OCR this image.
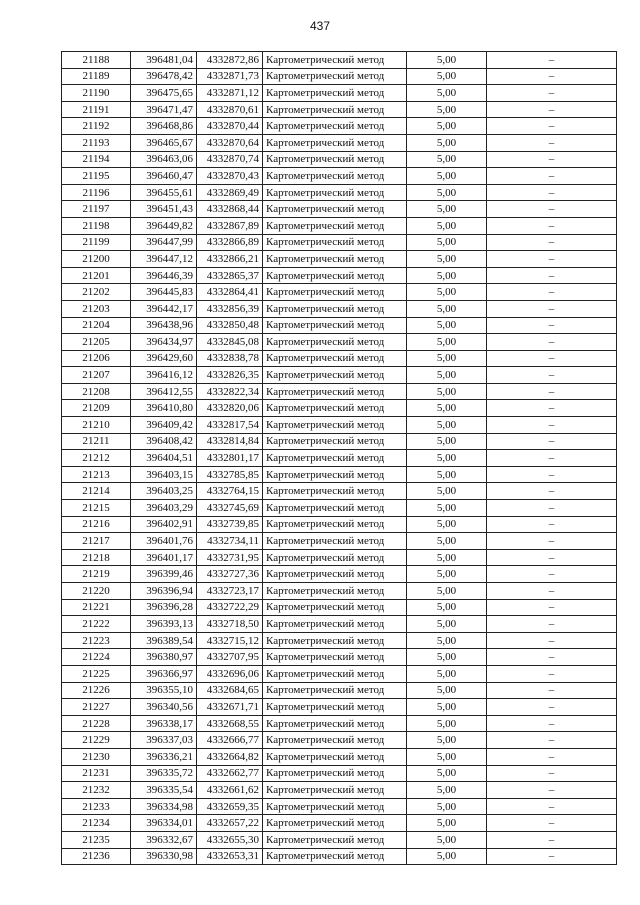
437
21188	396481,04	4332872,86	Картометрический метод	5,00	–
21189	396478,42	4332871,73	Картометрический метод	5,00	–
21190	396475,65	4332871,12	Картометрический метод	5,00	–
21191	396471,47	4332870,61	Картометрический метод	5,00	–
21192	396468,86	4332870,44	Картометрический метод	5,00	–
21193	396465,67	4332870,64	Картометрический метод	5,00	–
21194	396463,06	4332870,74	Картометрический метод	5,00	–
21195	396460,47	4332870,43	Картометрический метод	5,00	–
21196	396455,61	4332869,49	Картометрический метод	5,00	–
21197	396451,43	4332868,44	Картометрический метод	5,00	–
21198	396449,82	4332867,89	Картометрический метод	5,00	–
21199	396447,99	4332866,89	Картометрический метод	5,00	–
21200	396447,12	4332866,21	Картометрический метод	5,00	–
21201	396446,39	4332865,37	Картометрический метод	5,00	–
21202	396445,83	4332864,41	Картометрический метод	5,00	–
21203	396442,17	4332856,39	Картометрический метод	5,00	–
21204	396438,96	4332850,48	Картометрический метод	5,00	–
21205	396434,97	4332845,08	Картометрический метод	5,00	–
21206	396429,60	4332838,78	Картометрический метод	5,00	–
21207	396416,12	4332826,35	Картометрический метод	5,00	–
21208	396412,55	4332822,34	Картометрический метод	5,00	–
21209	396410,80	4332820,06	Картометрический метод	5,00	–
21210	396409,42	4332817,54	Картометрический метод	5,00	–
21211	396408,42	4332814,84	Картометрический метод	5,00	–
21212	396404,51	4332801,17	Картометрический метод	5,00	–
21213	396403,15	4332785,85	Картометрический метод	5,00	–
21214	396403,25	4332764,15	Картометрический метод	5,00	–
21215	396403,29	4332745,69	Картометрический метод	5,00	–
21216	396402,91	4332739,85	Картометрический метод	5,00	–
21217	396401,76	4332734,11	Картометрический метод	5,00	–
21218	396401,17	4332731,95	Картометрический метод	5,00	–
21219	396399,46	4332727,36	Картометрический метод	5,00	–
21220	396396,94	4332723,17	Картометрический метод	5,00	–
21221	396396,28	4332722,29	Картометрический метод	5,00	–
21222	396393,13	4332718,50	Картометрический метод	5,00	–
21223	396389,54	4332715,12	Картометрический метод	5,00	–
21224	396380,97	4332707,95	Картометрический метод	5,00	–
21225	396366,97	4332696,06	Картометрический метод	5,00	–
21226	396355,10	4332684,65	Картометрический метод	5,00	–
21227	396340,56	4332671,71	Картометрический метод	5,00	–
21228	396338,17	4332668,55	Картометрический метод	5,00	–
21229	396337,03	4332666,77	Картометрический метод	5,00	–
21230	396336,21	4332664,82	Картометрический метод	5,00	–
21231	396335,72	4332662,77	Картометрический метод	5,00	–
21232	396335,54	4332661,62	Картометрический метод	5,00	–
21233	396334,98	4332659,35	Картометрический метод	5,00	–
21234	396334,01	4332657,22	Картометрический метод	5,00	–
21235	396332,67	4332655,30	Картометрический метод	5,00	–
21236	396330,98	4332653,31	Картометрический метод	5,00	–
